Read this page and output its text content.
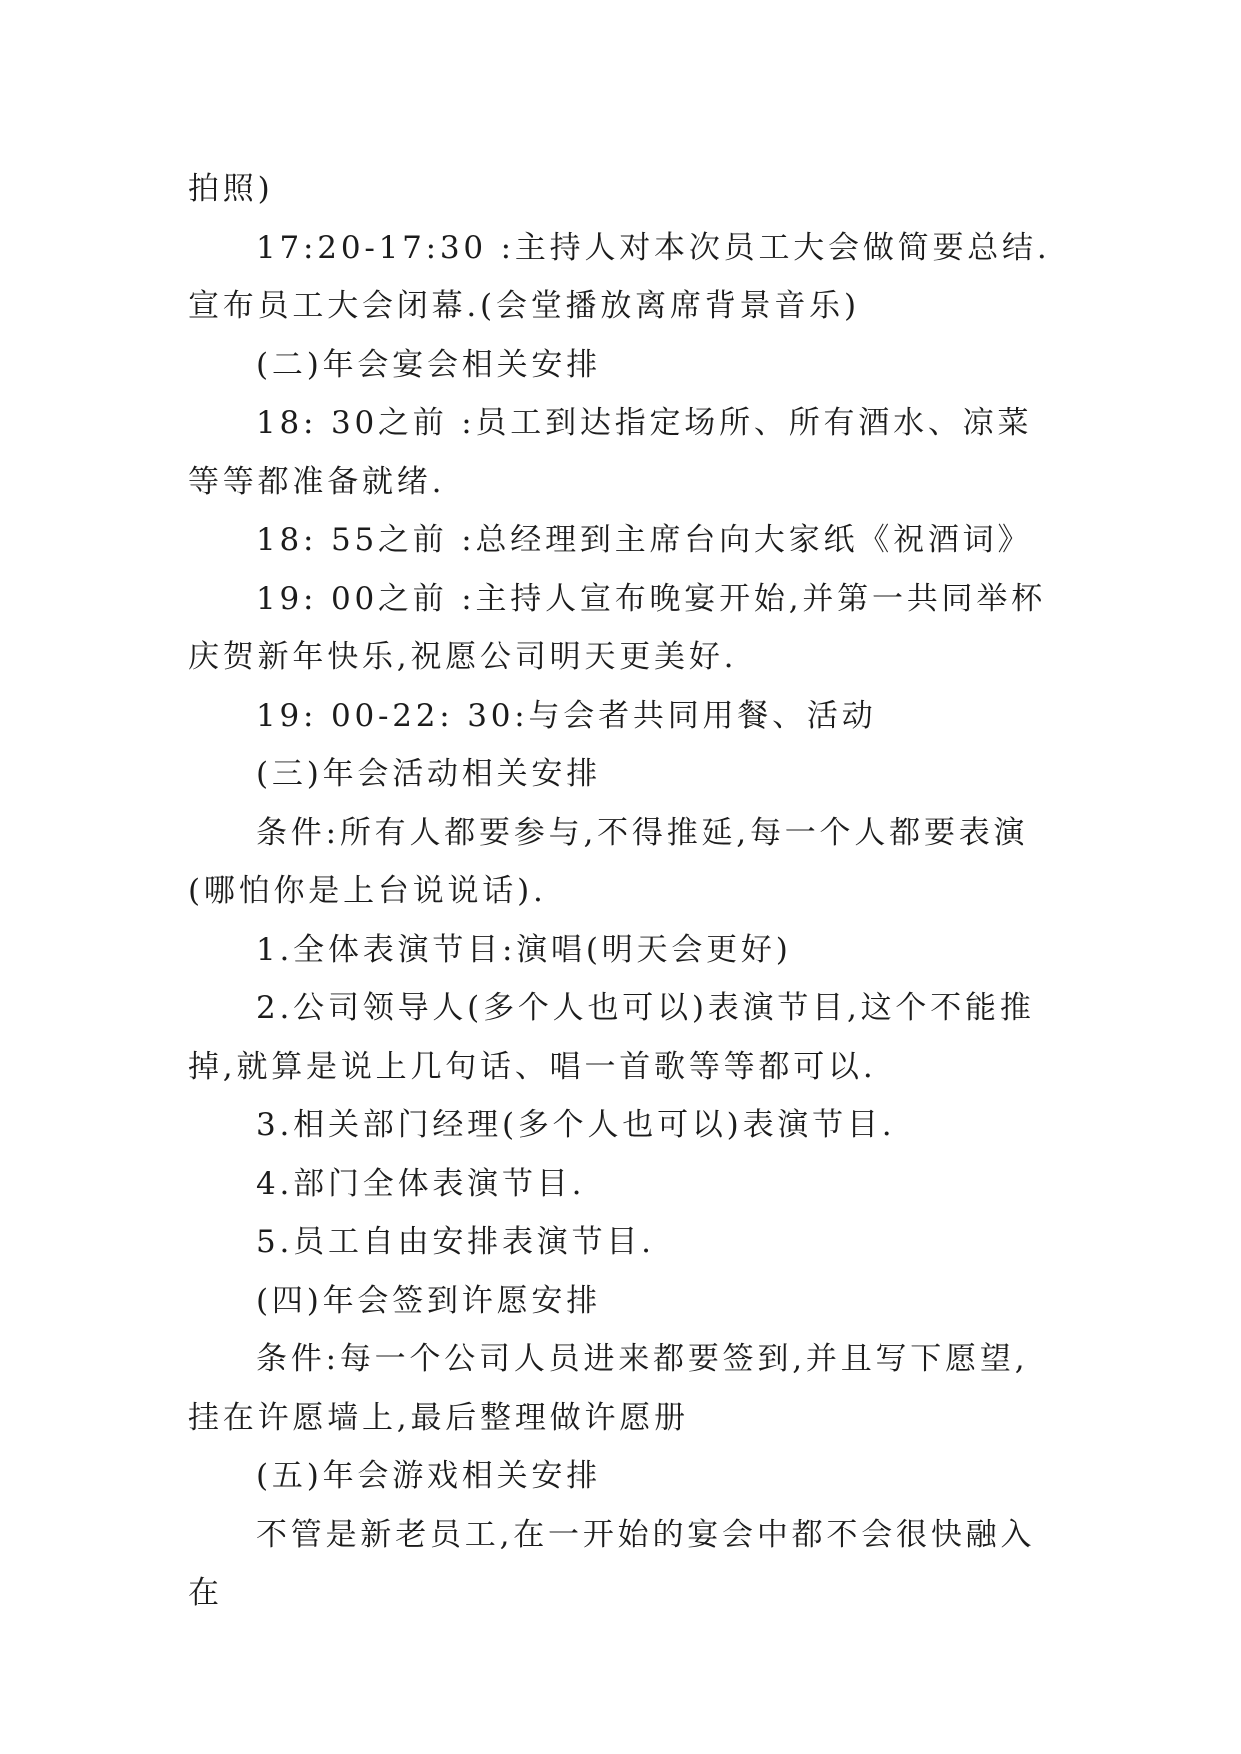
拍照)

17:20-17:30 :主持人对本次员工大会做简要总结.宣布员工大会闭幕.(会堂播放离席背景音乐)

(二)年会宴会相关安排

18: 30之前 :员工到达指定场所、所有酒水、凉菜等等都准备就绪.

18: 55之前 :总经理到主席台向大家纸《祝酒词》

19: 00之前 :主持人宣布晚宴开始,并第一共同举杯庆贺新年快乐,祝愿公司明天更美好.

19: 00-22: 30:与会者共同用餐、活动

(三)年会活动相关安排

条件:所有人都要参与,不得推延,每一个人都要表演(哪怕你是上台说说话).

1.全体表演节目:演唱(明天会更好)

2.公司领导人(多个人也可以)表演节目,这个不能推掉,就算是说上几句话、唱一首歌等等都可以.

3.相关部门经理(多个人也可以)表演节目.

4.部门全体表演节目.

5.员工自由安排表演节目.

(四)年会签到许愿安排

条件:每一个公司人员进来都要签到,并且写下愿望,挂在许愿墙上,最后整理做许愿册

(五)年会游戏相关安排

不管是新老员工,在一开始的宴会中都不会很快融入在
